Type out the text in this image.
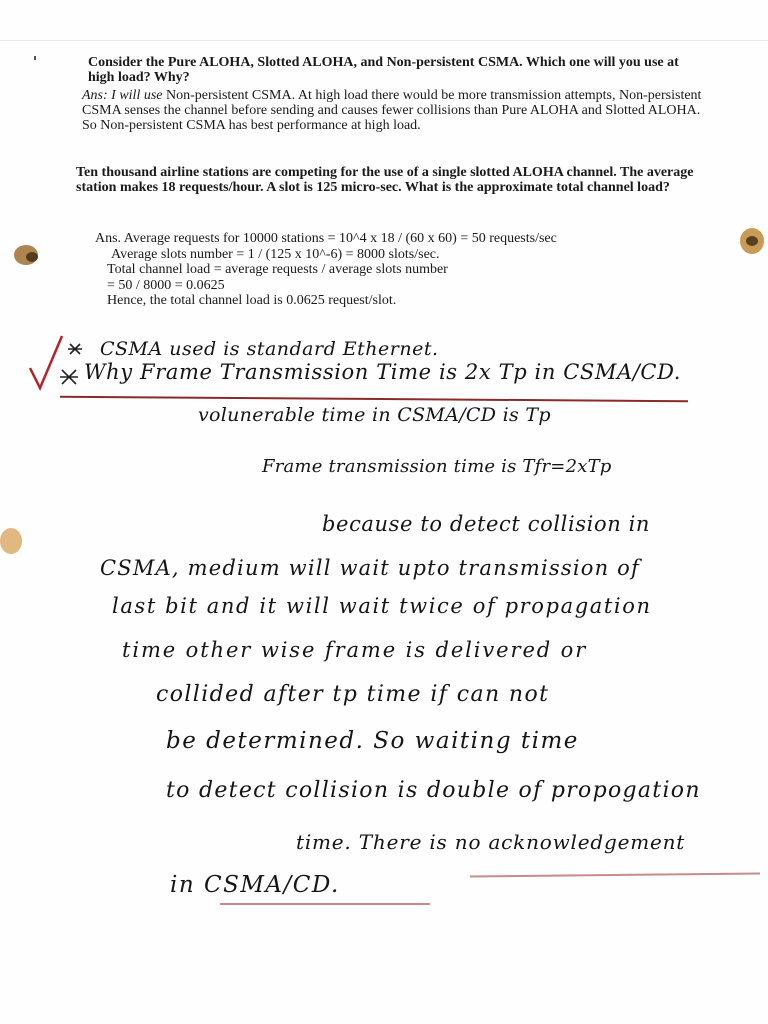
Consider the Pure ALOHA, Slotted ALOHA, and Non-persistent CSMA. Which one will you use at high load? Why?
Ans: I will use Non-persistent CSMA. At high load there would be more transmission attempts, Non-persistent CSMA senses the channel before sending and causes fewer collisions than Pure ALOHA and Slotted ALOHA. So Non-persistent CSMA has best performance at high load.
Ten thousand airline stations are competing for the use of a single slotted ALOHA channel. The average station makes 18 requests/hour. A slot is 125 micro-sec. What is the approximate total channel load?
Ans. Average requests for 10000 stations = 10^4 x 18 / (60 x 60) = 50 requests/sec
Average slots number = 1 / (125 x 10^-6) = 8000 slots/sec.
Total channel load = average requests / average slots number
= 50 / 8000 = 0.0625
Hence, the total channel load is 0.0625 request/slot.
CSMA used is standard Ethernet.
Why Frame Transmission Time is 2x Tp in CSMA/CD.
volunerable time in CSMA/CD is Tp
Frame transmission time is Tfr=2xTp
because to detect collision in
CSMA, medium will wait upto transmission of
last bit and it will wait twice of propagation
time other wise frame is delivered or
collided after tp time if can not
be determined. So waiting time
to detect collision is double of propogation
time. There is no acknowledgement
in CSMA/CD.
